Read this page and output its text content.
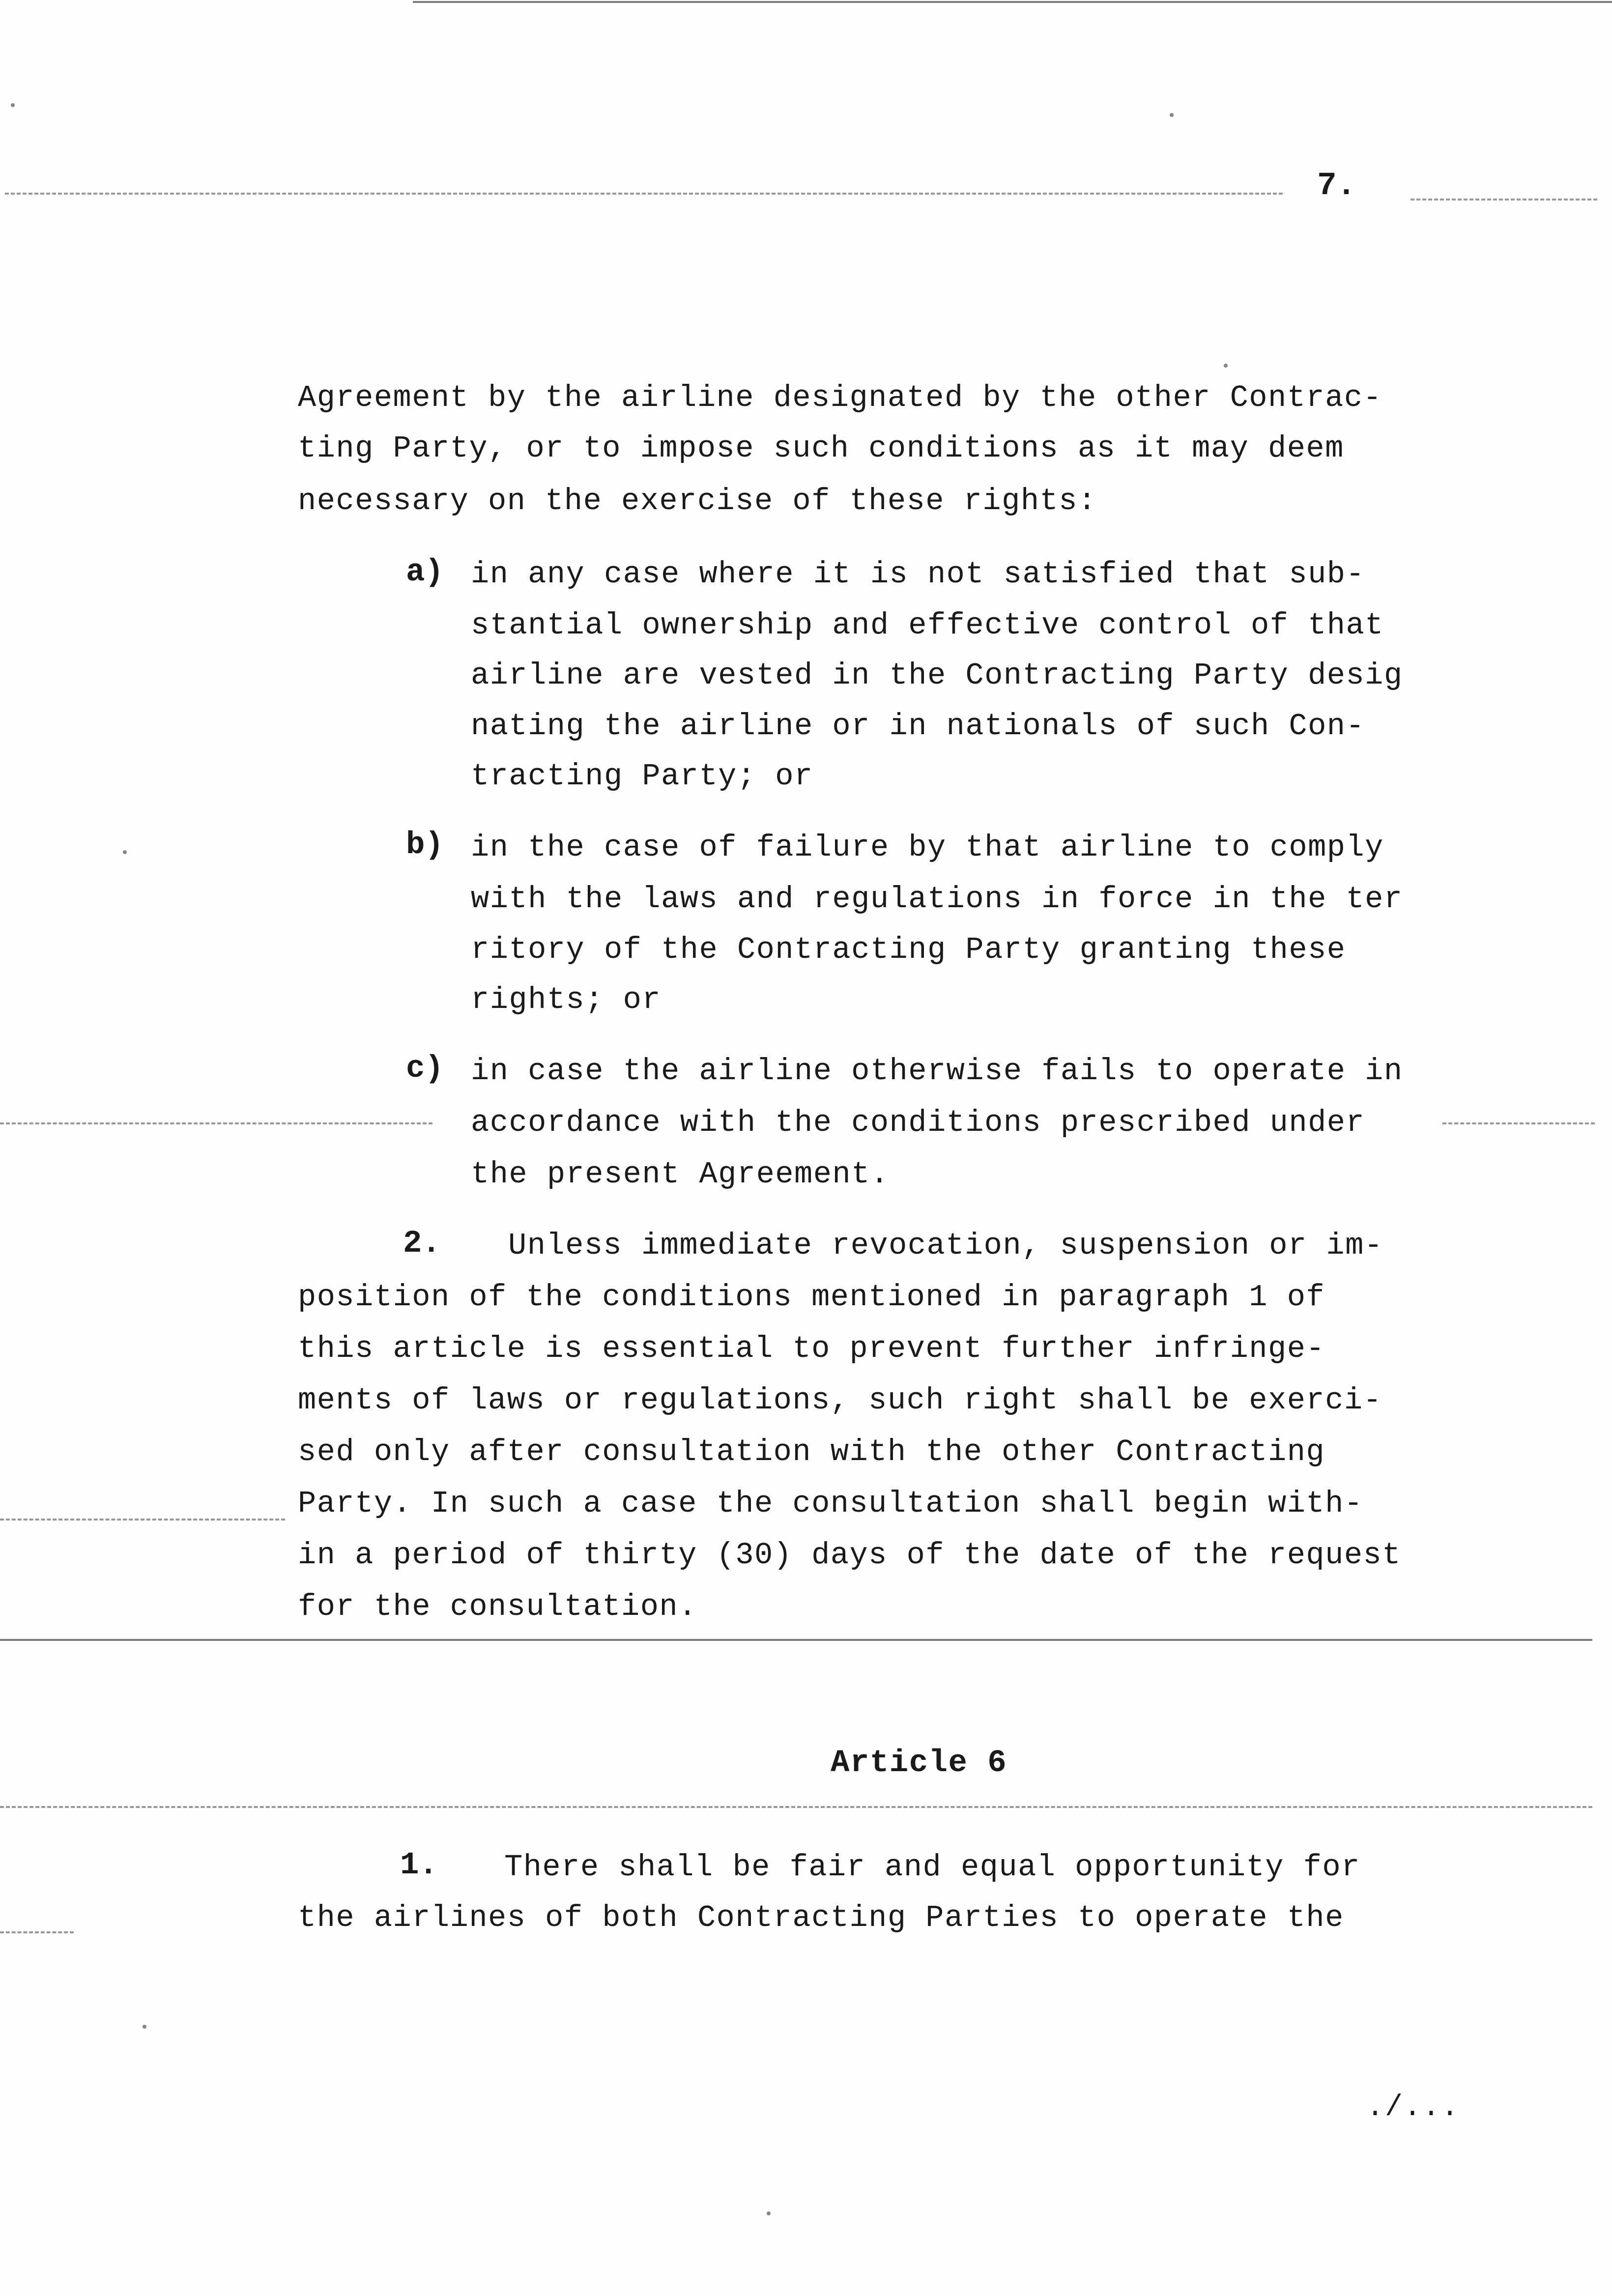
7.
Agreement by the airline designated by the other Contrac-
ting Party, or to impose such conditions as it may deem
necessary on the exercise of these rights:
a) in any case where it is not satisfied that sub-
stantial ownership and effective control of that
airline are vested in the Contracting Party desig
nating the airline or in nationals of such Con-
tracting Party; or
b) in the case of failure by that airline to comply
with the laws and regulations in force in the ter
ritory of the Contracting Party granting these
rights; or
c) in case the airline otherwise fails to operate in
accordance with the conditions prescribed under
the present Agreement.
2. Unless immediate revocation, suspension or im-
position of the conditions mentioned in paragraph 1 of
this article is essential to prevent further infringe-
ments of laws or regulations, such right shall be exerci-
sed only after consultation with the other Contracting
Party. In such a case the consultation shall begin with-
in a period of thirty (30) days of the date of the request
for the consultation.
Article 6
1. There shall be fair and equal opportunity for
the airlines of both Contracting Parties to operate the
./...
